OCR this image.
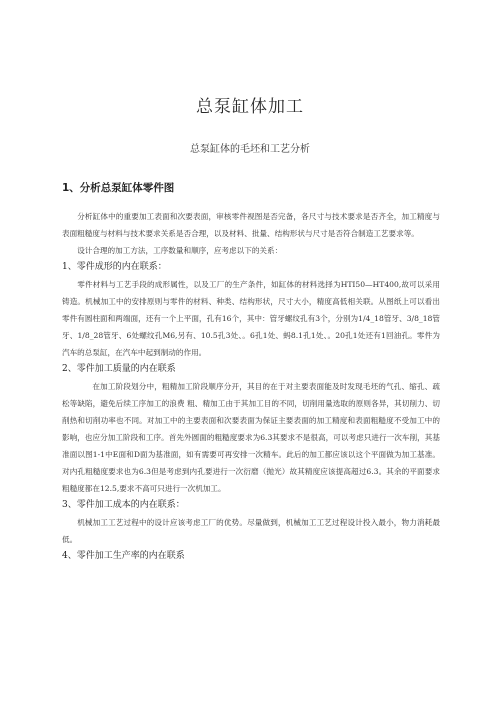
总泵缸体加工
总泵缸体的毛坯和工艺分析
1、分析总泵缸体零件图

分析缸体中的重要加工表面和次要表面，审核零件视图是否完备，各尺寸与技术要求是否齐全，加工精度与表面粗糙度与材料与技术要求关系是否合理，以及材料、批量、结构形状与尺寸是否符合制造工艺要求等。

设计合理的加工方法，工序数量和顺序，应考虑以下的关系：

1、零件成形的内在联系：

零件材料与工艺手段的成形属性，以及工厂的生产条件，如缸体的材料选择为HTI50—HT400,故可以采用铸造。机械加工中的安排原则与零件的材料、种类、结构形状，尺寸大小，精度高低相关联。从图纸上可以看出零件有圆柱面和两端面，还有一个上平面，孔有16个，其中：管牙螺纹孔有3个，分别为1/4_18管牙、3/8_18管牙、1/8_28管牙、6处螺纹孔M6,另有、10.5孔3处、。6孔1处、蚂8.1孔1处、。20孔1处还有1回油孔。零件为汽车的总泵缸，在汽车中起到制动的作用。

2、零件加工质量的内在联系

在加工阶段划分中，粗精加工阶段顺序分开，其目的在于对主要表面能及时发现毛坯的气孔、缩孔、疏松等缺陷，避免后续工序加工的浪费 粗、精加工由于其加工目的不同，切削用量选取的原则各异，其切削力、切削热和切削功率也不同。对加工中的主要表面和次要表面为保证主要表面的加工精度和表面粗糙度不受加工中的影响，也应分加工阶段和工序。首先外圆面的粗糙度要求为6.3其要求不是很高，可以考虑只进行一次车削，其基准面以图1-1中E面和D面为基准面，如有需要可再安排一次精车。此后的加工都应该以这个平面做为加工基准。对内孔粗糙度要求也为6.3但是考虑到内孔要进行一次衍磨（抛光）故其精度应该提高超过6.3。其余的平面要求粗糙度都在12.5,要求不高可只进行一次机加工。

3、零件加工成本的内在联系：

机械加工工艺过程中的设计应该考虑工厂的优势。尽量做到，机械加工工艺过程设计投入最小，物力消耗最低。

4、零件加工生产率的内在联系
